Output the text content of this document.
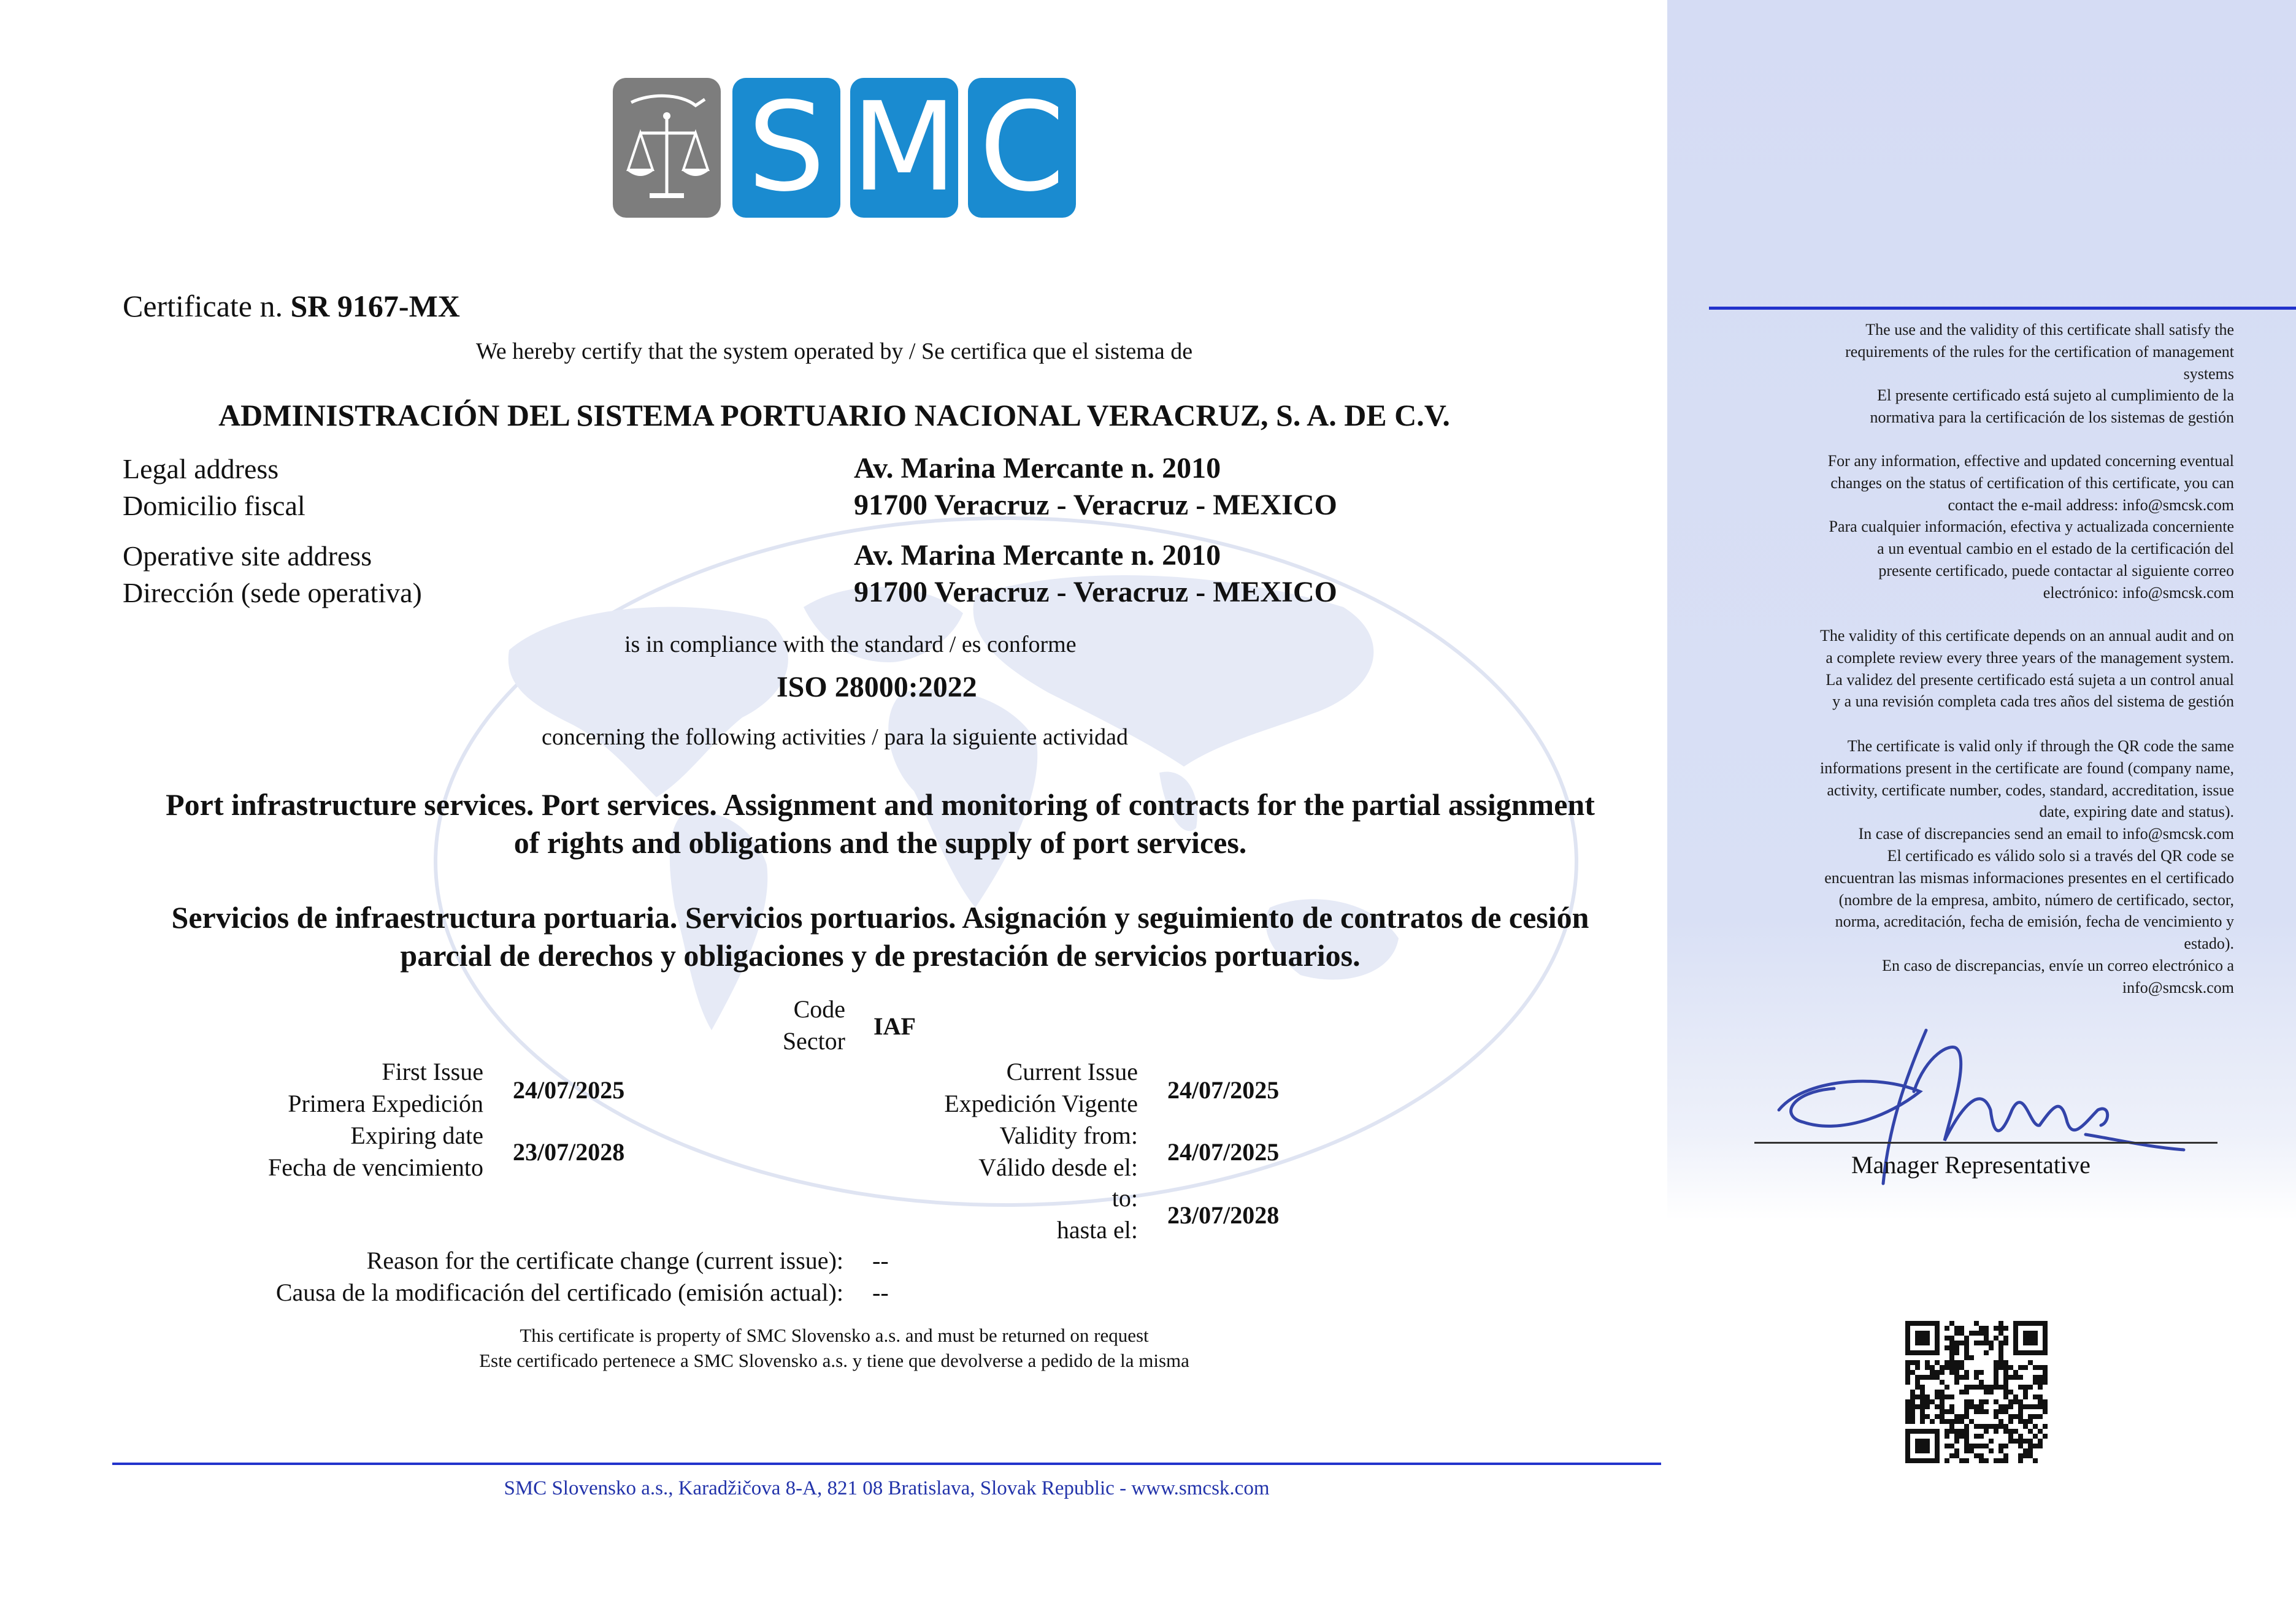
The use and the validity of this certificate shall satisfy the
requirements of the rules for the certification of management
systems
El presente certificado está sujeto al cumplimiento de la
normativa para la certificación de los sistemas de gestión
For any information, effective and updated concerning eventual
changes on the status of certification of this certificate, you can
contact the e-mail address: info@smcsk.com
Para cualquier información, efectiva y actualizada concerniente
a un eventual cambio en el estado de la certificación del
presente certificado, puede contactar al siguiente correo
electrónico: info@smcsk.com
The validity of this certificate depends on an annual audit and on
a complete review every three years of the management system.
La validez del presente certificado está sujeta a un control anual
y a una revisión completa cada tres años del sistema de gestión
The certificate is valid only if through the QR code the same
informations present in the certificate are found (company name,
activity, certificate number, codes, standard, accreditation, issue
date, expiring date and status).
In case of discrepancies send an email to info@smcsk.com
El certificado es válido solo si a través del QR code se
encuentran las mismas informaciones presentes en el certificado
(nombre de la empresa, ambito, número de certificado, sector,
norma, acreditación, fecha de emisión, fecha de vencimiento y
estado).
En caso de discrepancias, envíe un correo electrónico a
info@smcsk.com
Manager Representative
S M C
Certificate n. SR 9167-MX
We hereby certify that the system operated by / Se certifica que el sistema de
ADMINISTRACIÓN DEL SISTEMA PORTUARIO NACIONAL VERACRUZ, S. A. DE C.V.
Legal address
Domicilio fiscal
Av. Marina Mercante n. 2010
91700 Veracruz - Veracruz - MEXICO
Operative site address
Dirección (sede operativa)
Av. Marina Mercante n. 2010
91700 Veracruz - Veracruz - MEXICO
is in compliance with the standard / es conforme
ISO 28000:2022
concerning the following activities / para la siguiente actividad
Port infrastructure services. Port services. Assignment and monitoring of contracts for the partial assignment
of rights and obligations and the supply of port services.
Servicios de infraestructura portuaria. Servicios portuarios. Asignación y seguimiento de contratos de cesión
parcial de derechos y obligaciones y de prestación de servicios portuarios.
Code
Sector
IAF
First Issue
Primera Expedición 24/07/2025
Expiring date
Fecha de vencimiento
23/07/2028
Current Issue
Expedición Vigente 24/07/2025
Validity from:
Válido desde el:
24/07/2025
to:
hasta el:
23/07/2028
Reason for the certificate change (current issue):
Causa de la modificación del certificado (emisión actual):
--
--
This certificate is property of SMC Slovensko a.s. and must be returned on request
Este certificado pertenece a SMC Slovensko a.s. y tiene que devolverse a pedido de la misma
SMC Slovensko a.s., Karadžičova 8-A, 821 08 Bratislava, Slovak Republic - www.smcsk.com
